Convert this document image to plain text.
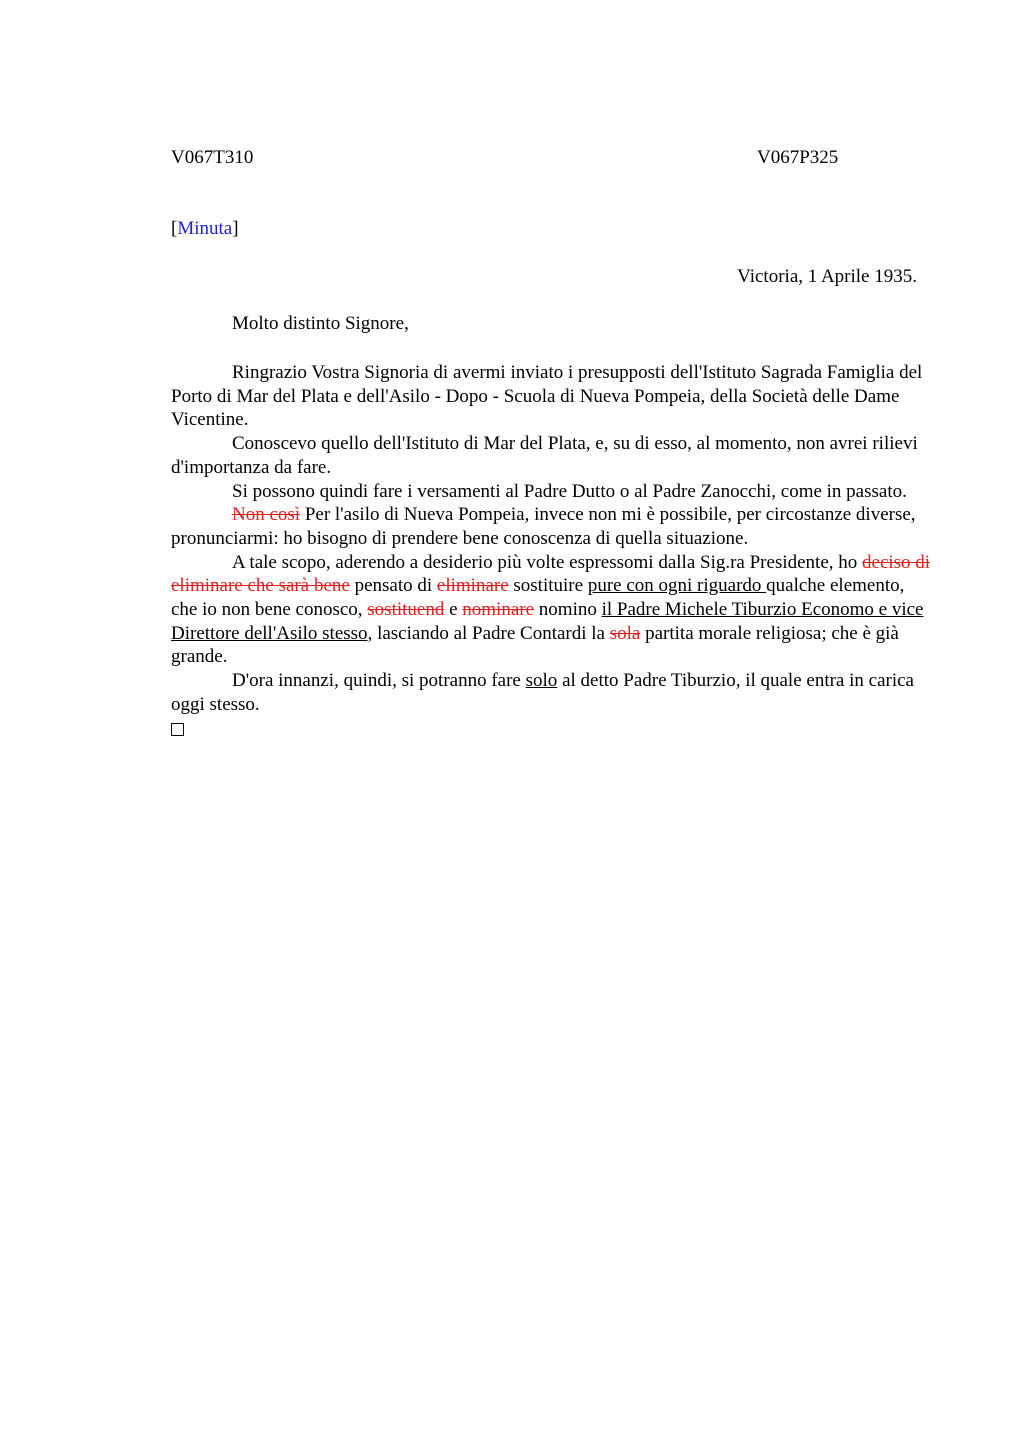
V067T310	V067P325
[Minuta]
Victoria, 1 Aprile 1935.
Molto distinto Signore,

Ringrazio Vostra Signoria di avermi inviato i presupposti dell'Istituto Sagrada Famiglia del Porto di Mar del Plata e dell'Asilo - Dopo - Scuola di Nueva Pompeia, della Società delle Dame Vicentine.

Conoscevo quello dell'Istituto di Mar del Plata, e, su di esso, al momento, non avrei rilievi d'importanza da fare.

Si possono quindi fare i versamenti al Padre Dutto o al Padre Zanocchi, come in passato.

Non così Per l'asilo di Nueva Pompeia, invece non mi è possibile, per circostanze diverse, pronunciarmi: ho bisogno di prendere bene conoscenza di quella situazione.

A tale scopo, aderendo a desiderio più volte espressomi dalla Sig.ra Presidente, ho deciso di eliminare che sarà bene pensato di eliminare sostituire pure con ogni riguardo qualche elemento, che io non bene conosco, sostituend e nominare nomino il Padre Michele Tiburzio Economo e vice Direttore dell'Asilo stesso, lasciando al Padre Contardi la sola partita morale religiosa; che è già grande.

D'ora innanzi, quindi, si potranno fare solo al detto Padre Tiburzio, il quale entra in carica oggi stesso.
